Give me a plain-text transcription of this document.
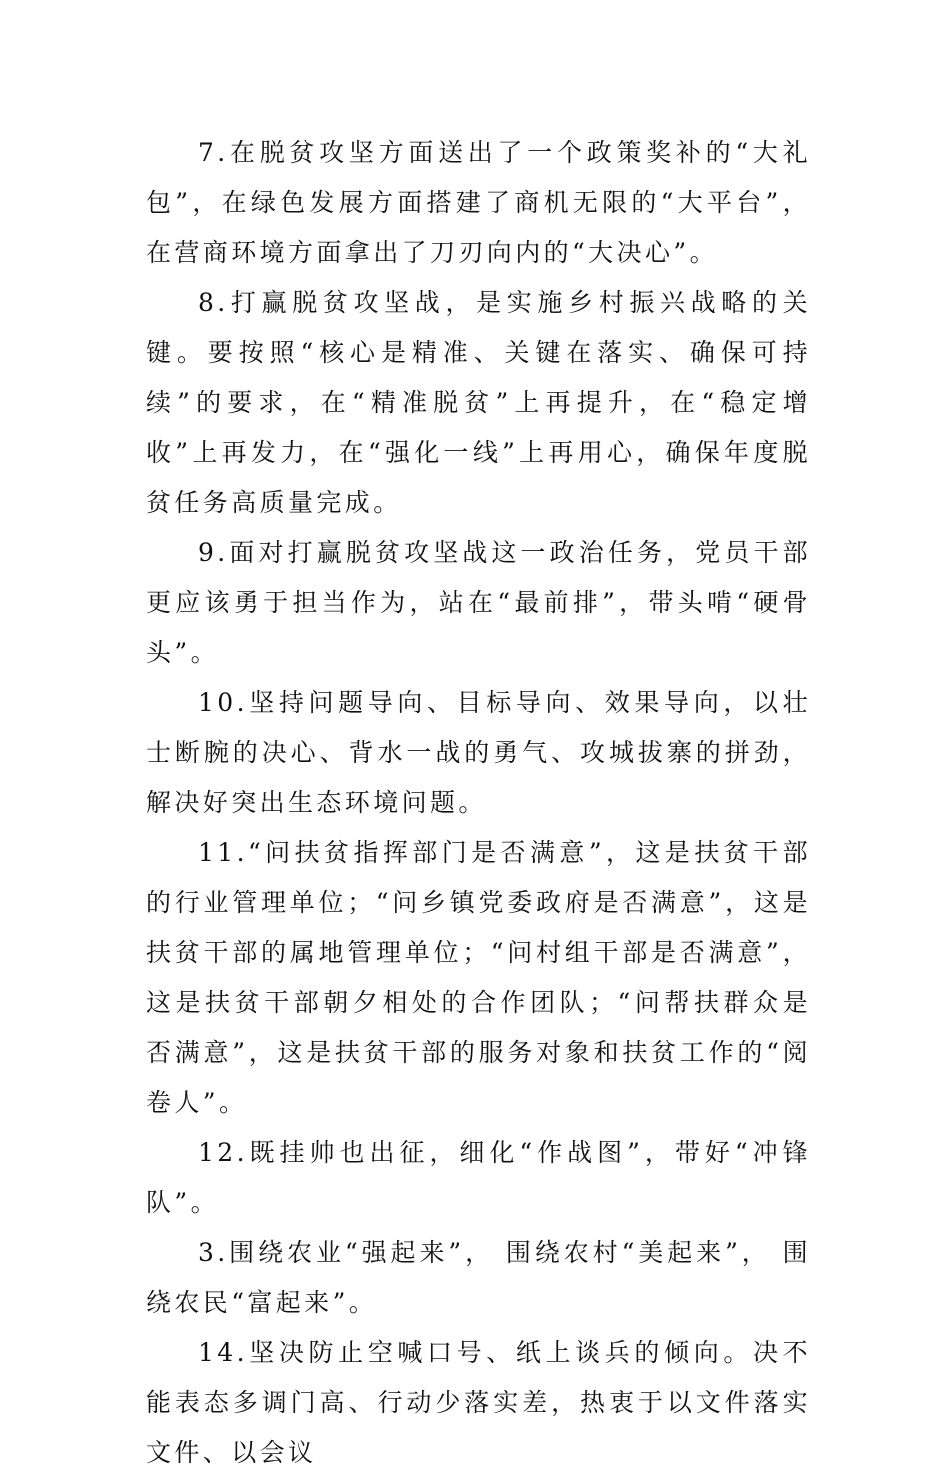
7.在脱贫攻坚方面送出了一个政策奖补的“大礼包”，在绿色发展方面搭建了商机无限的“大平台”，在营商环境方面拿出了刀刃向内的“大决心”。

8.打赢脱贫攻坚战，是实施乡村振兴战略的关键。要按照“核心是精准、关键在落实、确保可持续”的要求，在“精准脱贫”上再提升，在“稳定增收”上再发力，在“强化一线”上再用心，确保年度脱贫任务高质量完成。

9.面对打赢脱贫攻坚战这一政治任务，党员干部更应该勇于担当作为，站在“最前排”，带头啃“硬骨头”。

10.坚持问题导向、目标导向、效果导向，以壮士断腕的决心、背水一战的勇气、攻城拔寨的拼劲，解决好突出生态环境问题。

11.“问扶贫指挥部门是否满意”，这是扶贫干部的行业管理单位；“问乡镇党委政府是否满意”，这是扶贫干部的属地管理单位；“问村组干部是否满意”，这是扶贫干部朝夕相处的合作团队；“问帮扶群众是否满意”，这是扶贫干部的服务对象和扶贫工作的“阅卷人”。

12.既挂帅也出征，细化“作战图”，带好“冲锋队”。

3.围绕农业“强起来”， 围绕农村“美起来”， 围绕农民“富起来”。

14.坚决防止空喊口号、纸上谈兵的倾向。决不能表态多调门高、行动少落实差，热衷于以文件落实文件、以会议
